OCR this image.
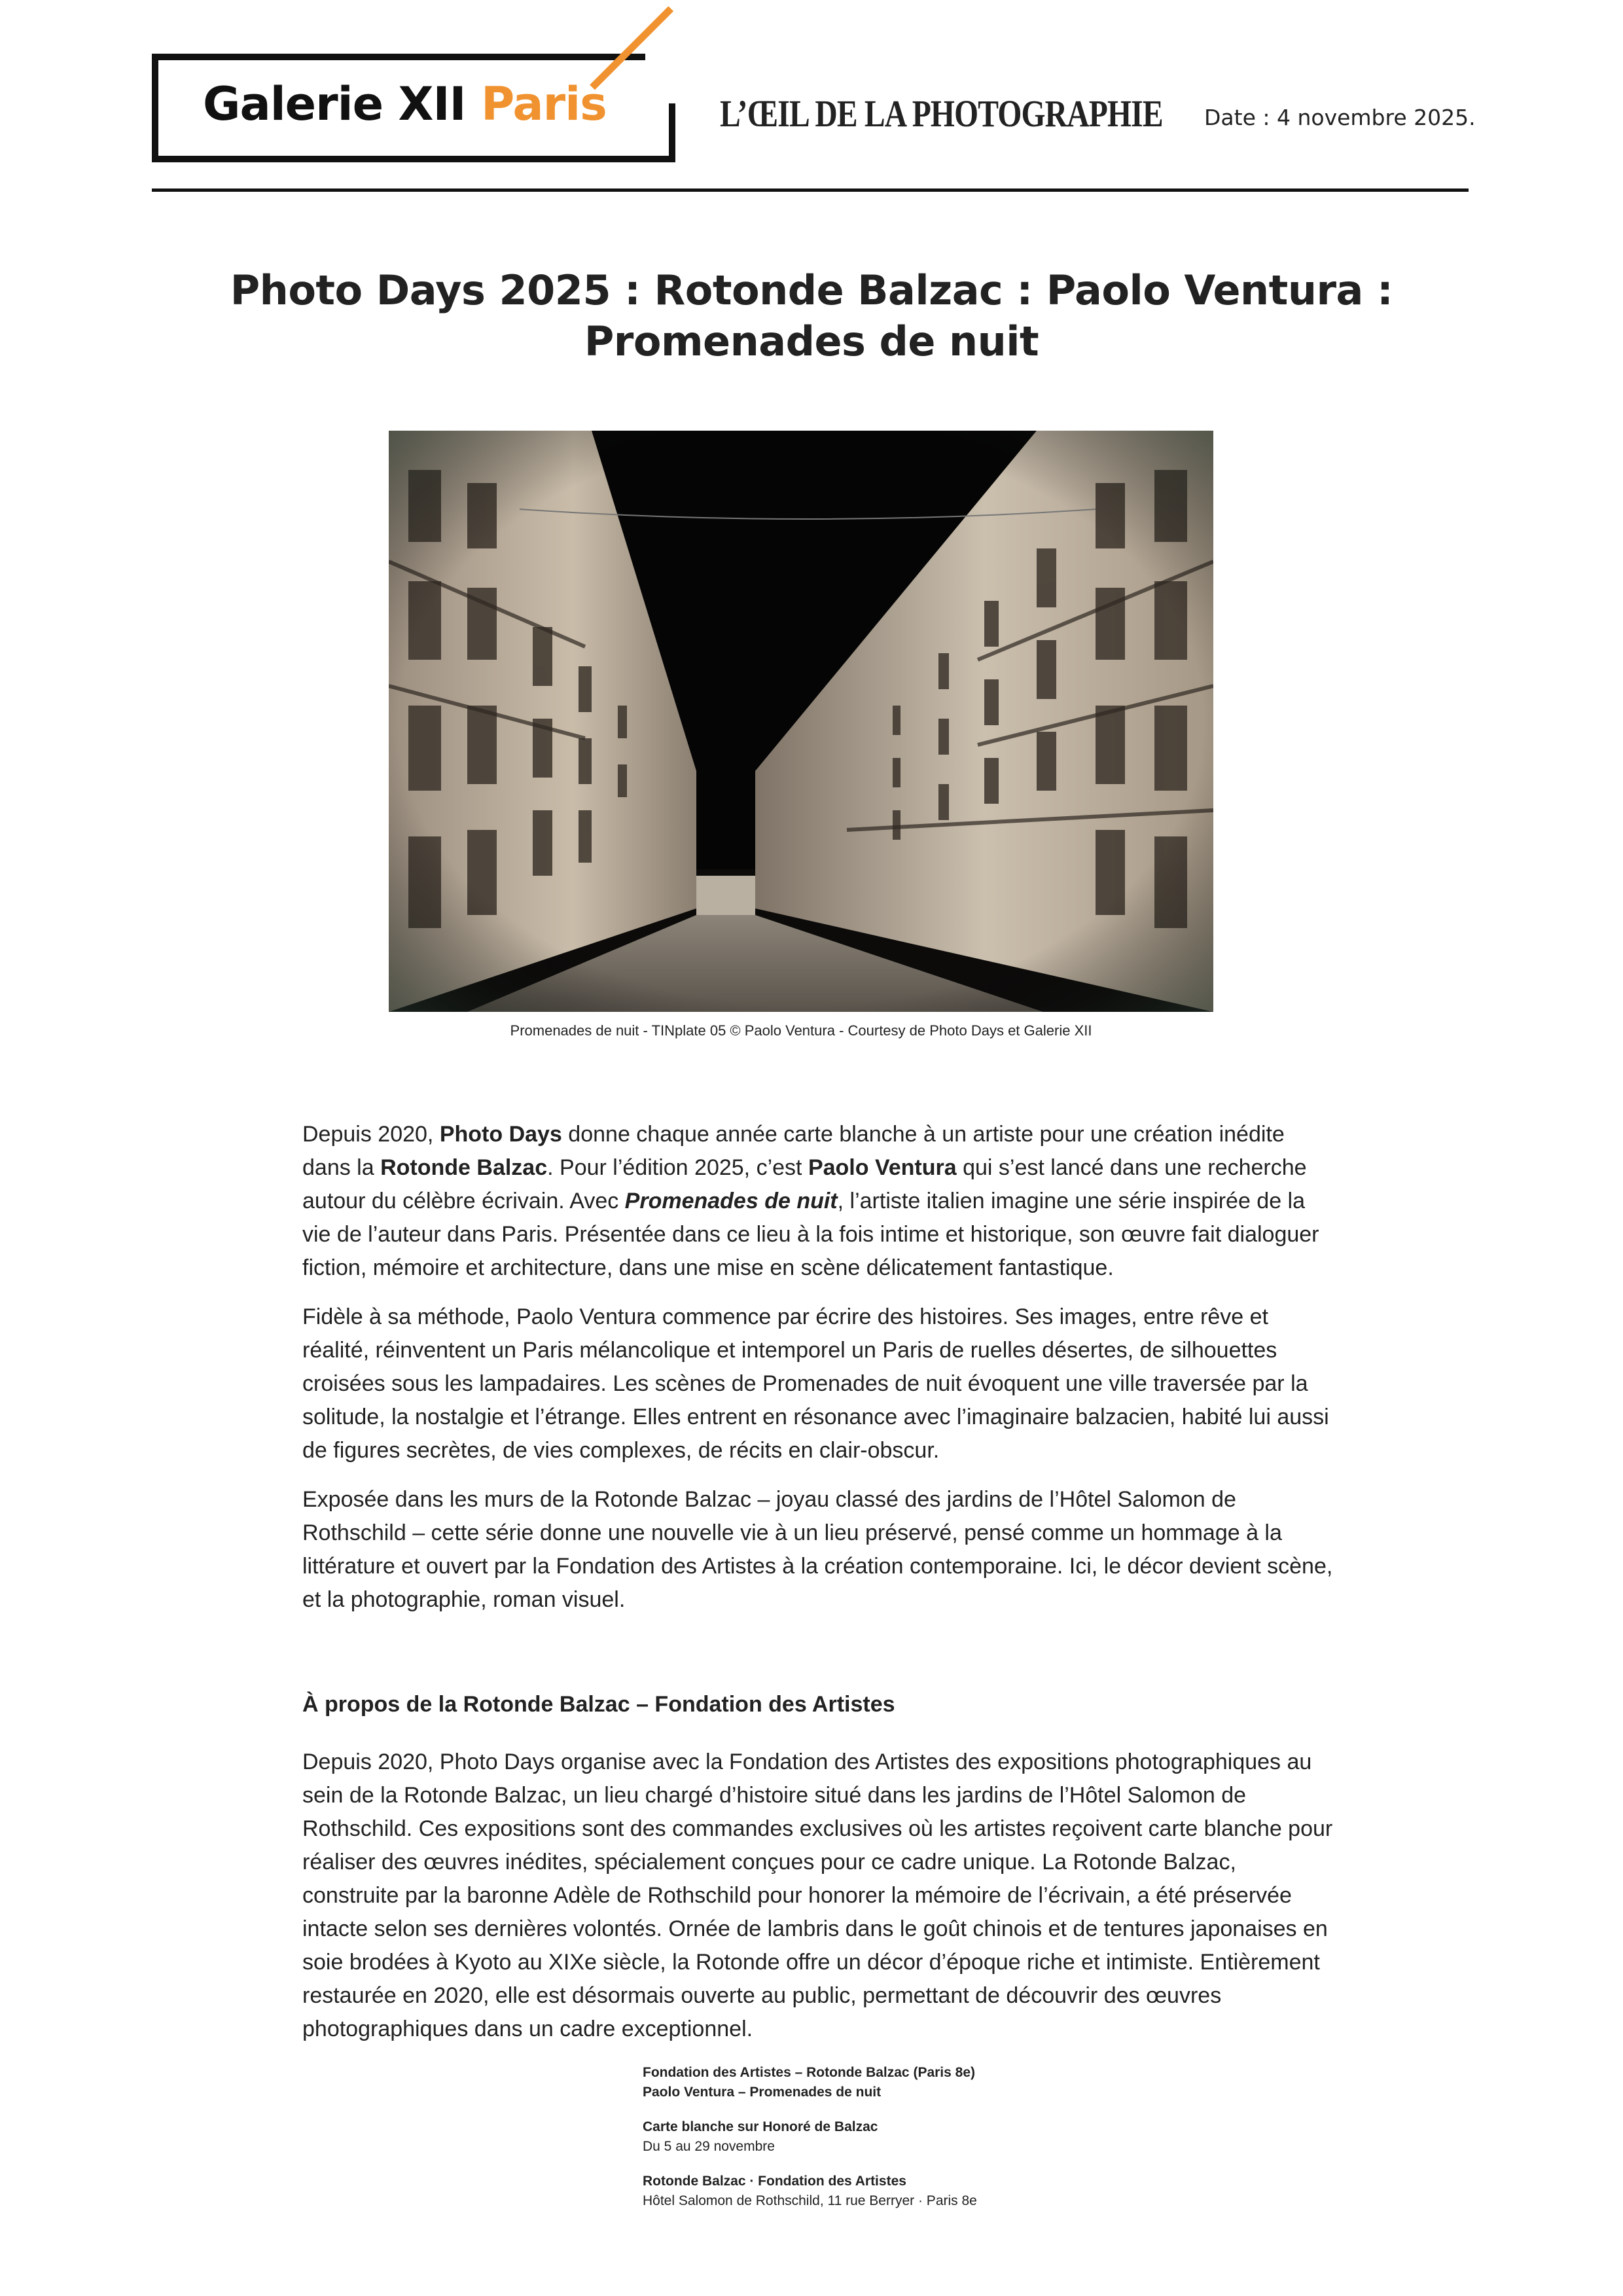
Galerie XII Paris	L’ŒIL DE LA PHOTOGRAPHIE Date : 4 novembre 2025.
Photo Days 2025 : Rotonde Balzac : Paolo Ventura :
Promenades de nuit
Promenades de nuit - TINplate 05 © Paolo Ventura - Courtesy de Photo Days et Galerie XII

Depuis 2020, Photo Days donne chaque année carte blanche à un artiste pour une création inédite dans la Rotonde Balzac. Pour l’édition 2025, c’est Paolo Ventura qui s’est lancé dans une recherche autour du célèbre écrivain. Avec Promenades de nuit, l’artiste italien imagine une série inspirée de la vie de l’auteur dans Paris. Présentée dans ce lieu à la fois intime et historique, son œuvre fait dialoguer fiction, mémoire et architecture, dans une mise en scène délicatement fantastique.

Fidèle à sa méthode, Paolo Ventura commence par écrire des histoires. Ses images, entre rêve et réalité, réinventent un Paris mélancolique et intemporel un Paris de ruelles désertes, de silhouettes croisées sous les lampadaires. Les scènes de Promenades de nuit évoquent une ville traversée par la solitude, la nostalgie et l’étrange. Elles entrent en résonance avec l’imaginaire balzacien, habité lui aussi de figures secrètes, de vies complexes, de récits en clair-obscur.

Exposée dans les murs de la Rotonde Balzac – joyau classé des jardins de l’Hôtel Salomon de Rothschild – cette série donne une nouvelle vie à un lieu préservé, pensé comme un hommage à la littérature et ouvert par la Fondation des Artistes à la création contemporaine. Ici, le décor devient scène, et la photographie, roman visuel.

À propos de la Rotonde Balzac – Fondation des Artistes

Depuis 2020, Photo Days organise avec la Fondation des Artistes des expositions photographiques au sein de la Rotonde Balzac, un lieu chargé d’histoire situé dans les jardins de l’Hôtel Salomon de Rothschild. Ces expositions sont des commandes exclusives où les artistes reçoivent carte blanche pour réaliser des œuvres inédites, spécialement conçues pour ce cadre unique. La Rotonde Balzac, construite par la baronne Adèle de Rothschild pour honorer la mémoire de l’écrivain, a été préservée intacte selon ses dernières volontés. Ornée de lambris dans le goût chinois et de tentures japonaises en soie brodées à Kyoto au XIXe siècle, la Rotonde offre un décor d’époque riche et intimiste. Entièrement restaurée en 2020, elle est désormais ouverte au public, permettant de découvrir des œuvres photographiques dans un cadre exceptionnel.

Fondation des Artistes – Rotonde Balzac (Paris 8e)
Paolo Ventura – Promenades de nuit
Carte blanche sur Honoré de Balzac
Du 5 au 29 novembre
Rotonde Balzac · Fondation des Artistes
Hôtel Salomon de Rothschild, 11 rue Berryer · Paris 8e
